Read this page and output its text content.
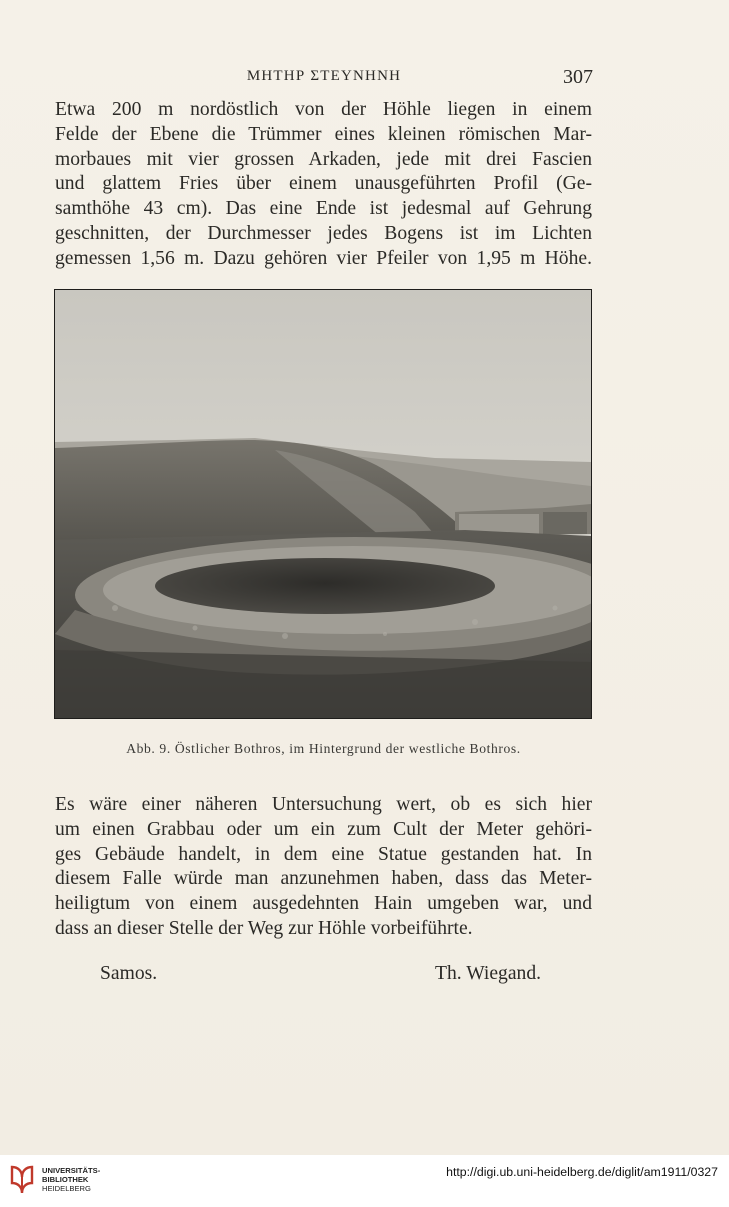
ΜΗΤΗΡ ΣΤΕΥΝΗΝΗ	307

Etwa 200 m nordöstlich von der Höhle liegen in einem
Felde der Ebene die Trümmer eines kleinen römischen Mar-
morbaues mit vier grossen Arkaden, jede mit drei Fascien
und glattem Fries über einem unausgeführten Profil (Ge-
samthöhe 43 cm). Das eine Ende ist jedesmal auf Gehrung
geschnitten, der Durchmesser jedes Bogens ist im Lichten
gemessen 1,56 m. Dazu gehören vier Pfeiler von 1,95 m Höhe.

Abb. 9. Östlicher Bothros, im Hintergrund der westliche Bothros.

Es wäre einer näheren Untersuchung wert, ob es sich hier
um einen Grabbau oder um ein zum Cult der Meter gehöri-
ges Gebäude handelt, in dem eine Statue gestanden hat. In
diesem Falle würde man anzunehmen haben, dass das Meter-
heiligtum von einem ausgedehnten Hain umgeben war, und
dass an dieser Stelle der Weg zur Höhle vorbeiführte.

Samos.	Th. Wiegand.
UNIVERSITÄTS-
BIBLIOTHEK
HEIDELBERG
http://digi.ub.uni-heidelberg.de/diglit/am1911/0327
